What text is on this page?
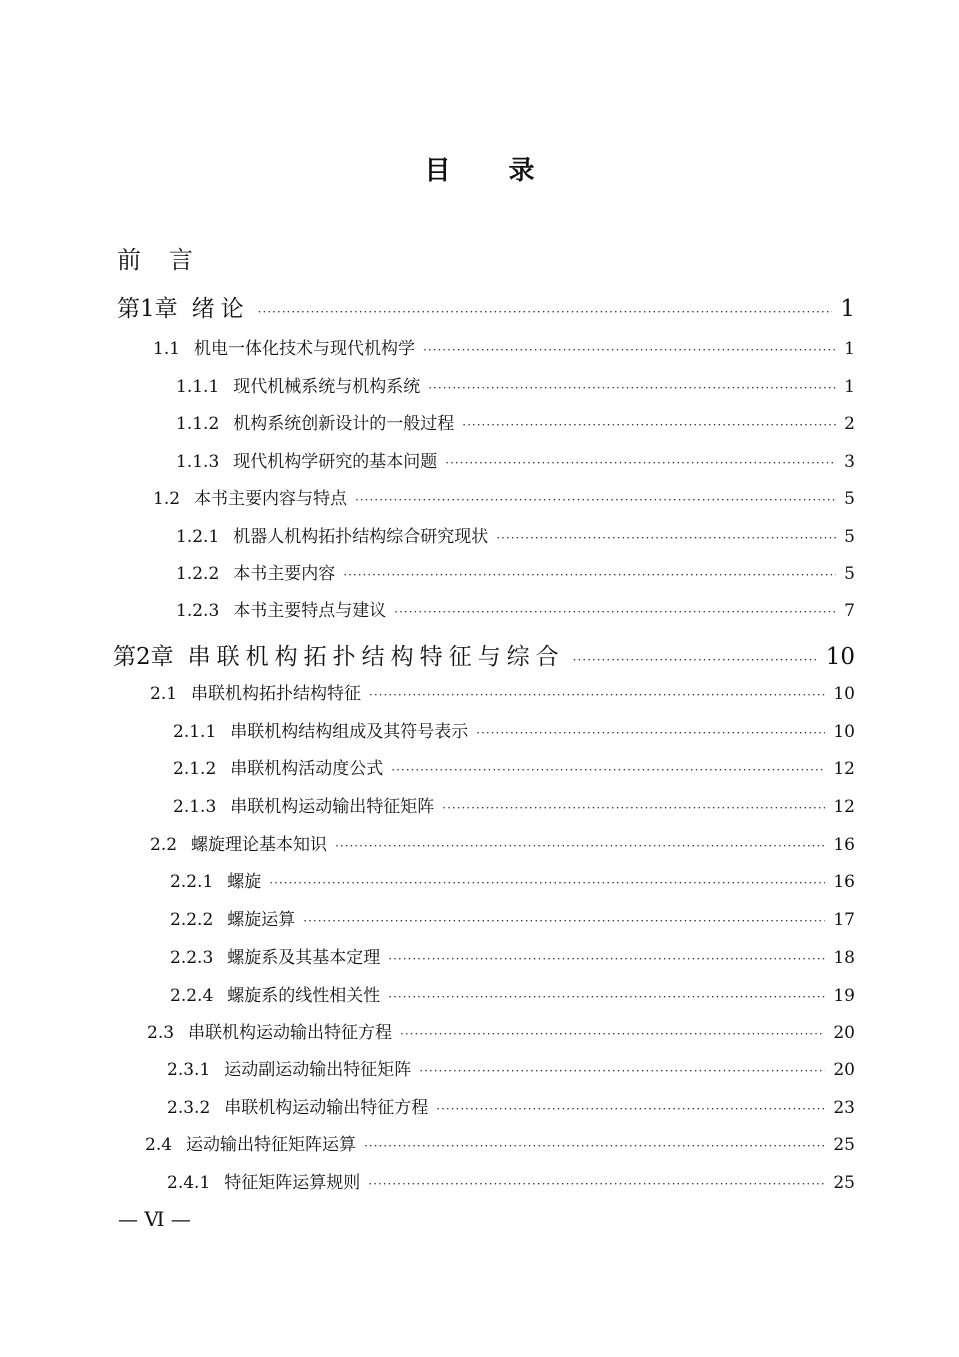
目录
前言
第1章 绪论 ·····	1
1.1 机电一体化技术与现代机构学 ·····	1
1.1.1 现代机械系统与机构系统 ·····	1
1.1.2 机构系统创新设计的一般过程 ·····	2
1.1.3 现代机构学研究的基本问题 ·····	3
1.2 本书主要内容与特点 ·····	5
1.2.1 机器人机构拓扑结构综合研究现状 ·····	5
1.2.2 本书主要内容 ·····	5
1.2.3 本书主要特点与建议 ·····	7
第2章 串联机构拓扑结构特征与综合 ·····	10
2.1 串联机构拓扑结构特征 ·····	10
2.1.1 串联机构结构组成及其符号表示 ·····	10
2.1.2 串联机构活动度公式 ·····	12
2.1.3 串联机构运动输出特征矩阵 ·····	12
2.2 螺旋理论基本知识 ·····	16
2.2.1 螺旋 ·····	16
2.2.2 螺旋运算 ·····	17
2.2.3 螺旋系及其基本定理 ·····	18
2.2.4 螺旋系的线性相关性 ·····	19
2.3 串联机构运动输出特征方程 ·····	20
2.3.1 运动副运动输出特征矩阵 ·····	20
2.3.2 串联机构运动输出特征方程 ·····	23
2.4 运动输出特征矩阵运算 ·····	25
2.4.1 特征矩阵运算规则 ·····	25
— Ⅵ —
